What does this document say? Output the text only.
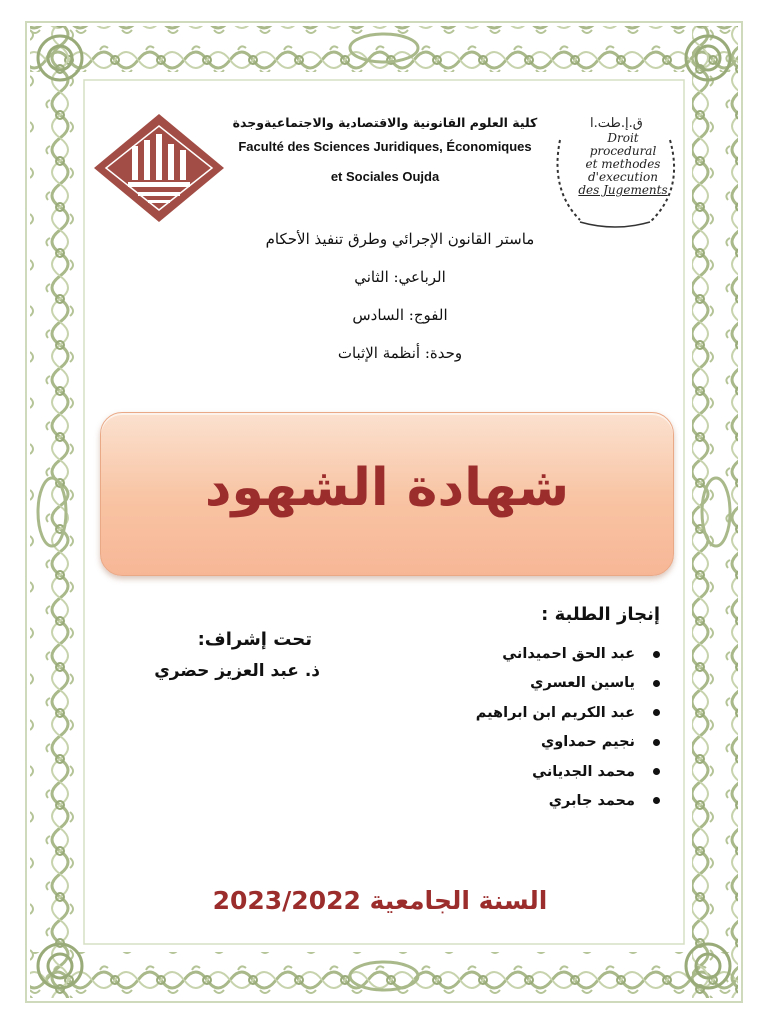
ق.إ.طت.ا
Droit
procedural
et methodes
d'execution
des Jugements
كلية العلوم القانونية والاقتصادية والاجتماعيةوجدة
Faculté des Sciences Juridiques, Économiques
et Sociales Oujda
ماستر القانون الإجرائي وطرق تنفيذ الأحكام
الرباعي: الثاني
الفوج: السادس
وحدة: أنظمة الإثبات
شهادة الشهود
إنجاز الطلبة :
عبد الحق احميداني
ياسين العسري
عبد الكريم ابن ابراهيم
نجيم حمداوي
محمد الجدياني
محمد جابري
تحت إشراف:
ذ. عبد العزيز حضري
السنة الجامعية 2023/2022
